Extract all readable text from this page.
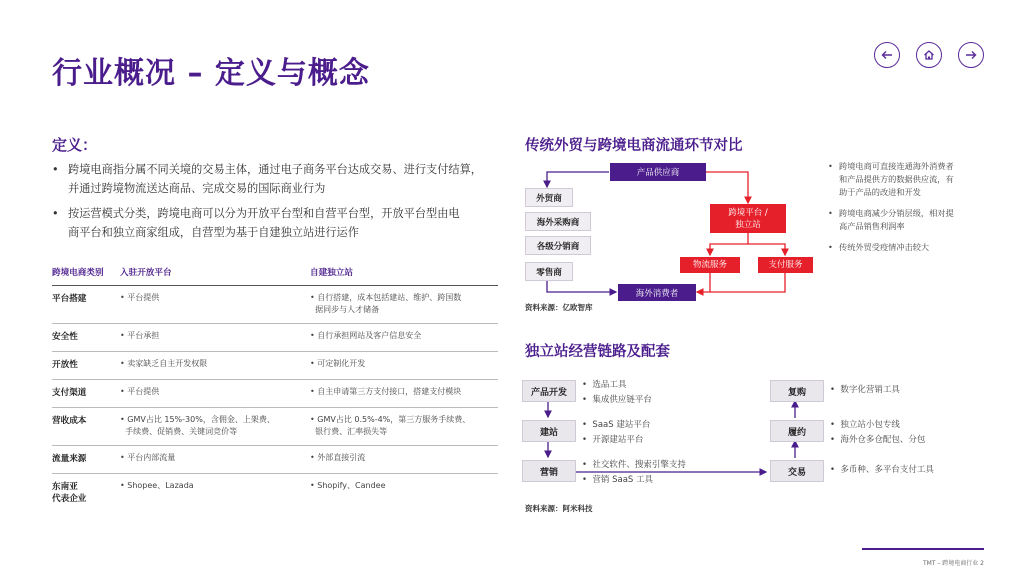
行业概况 – 定义与概念
定义：
• 跨境电商指分属不同关境的交易主体，通过电子商务平台达成交易、进行支付结算，
并通过跨境物流送达商品、完成交易的国际商业行为
• 按运营模式分类，跨境电商可以分为开放平台型和自营平台型，开放平台型由电
商平台和独立商家组成，自营型为基于自建独立站进行运作
跨境电商类别	入驻开放平台	自建独立站
平台搭建	• 平台提供	• 自行搭建，成本包括建站、维护、跨国数
据同步与人才储备
安全性	• 平台承担	• 自行承担网站及客户信息安全
开放性	• 卖家缺乏自主开发权限	• 可定制化开发
支付渠道	• 平台提供	• 自主申请第三方支付接口，搭建支付模块
营收成本	• GMV占比 15%-30%，含佣金、上架费、
手续费、促销费、关键词竞价等	• GMV占比 0.5%-4%，第三方服务手续费、
银行费、汇率损失等
流量来源	• 平台内部流量	• 外部直接引流
东南亚
代表企业	• Shopee、Lazada	• Shopify、Candee
传统外贸与跨境电商流通环节对比
产品供应商
外贸商
海外采购商
各级分销商
零售商
跨境平台 /
独立站
物流服务	支付服务
海外消费者
资料来源：亿欧智库
• 跨境电商可直接连通海外消费者
和产品提供方的数据供应流，有
助于产品的改进和开发
• 跨境电商减少分销层级，相对提
高产品销售利润率
• 传统外贸受疫情冲击较大
独立站经营链路及配套
产品开发
•  选品工具
•  集成供应链平台
建站
•  SaaS 建站平台
•  开源建站平台
营销
•  社交软件、搜索引擎支持
•  营销 SaaS 工具
复购	•  数字化营销工具
履约
•  独立站小包专线
•  海外仓多仓配包、分包
交易	•  多币种、多平台支付工具
资料来源：阿米科技
TMT – 跨境电商行业 2
